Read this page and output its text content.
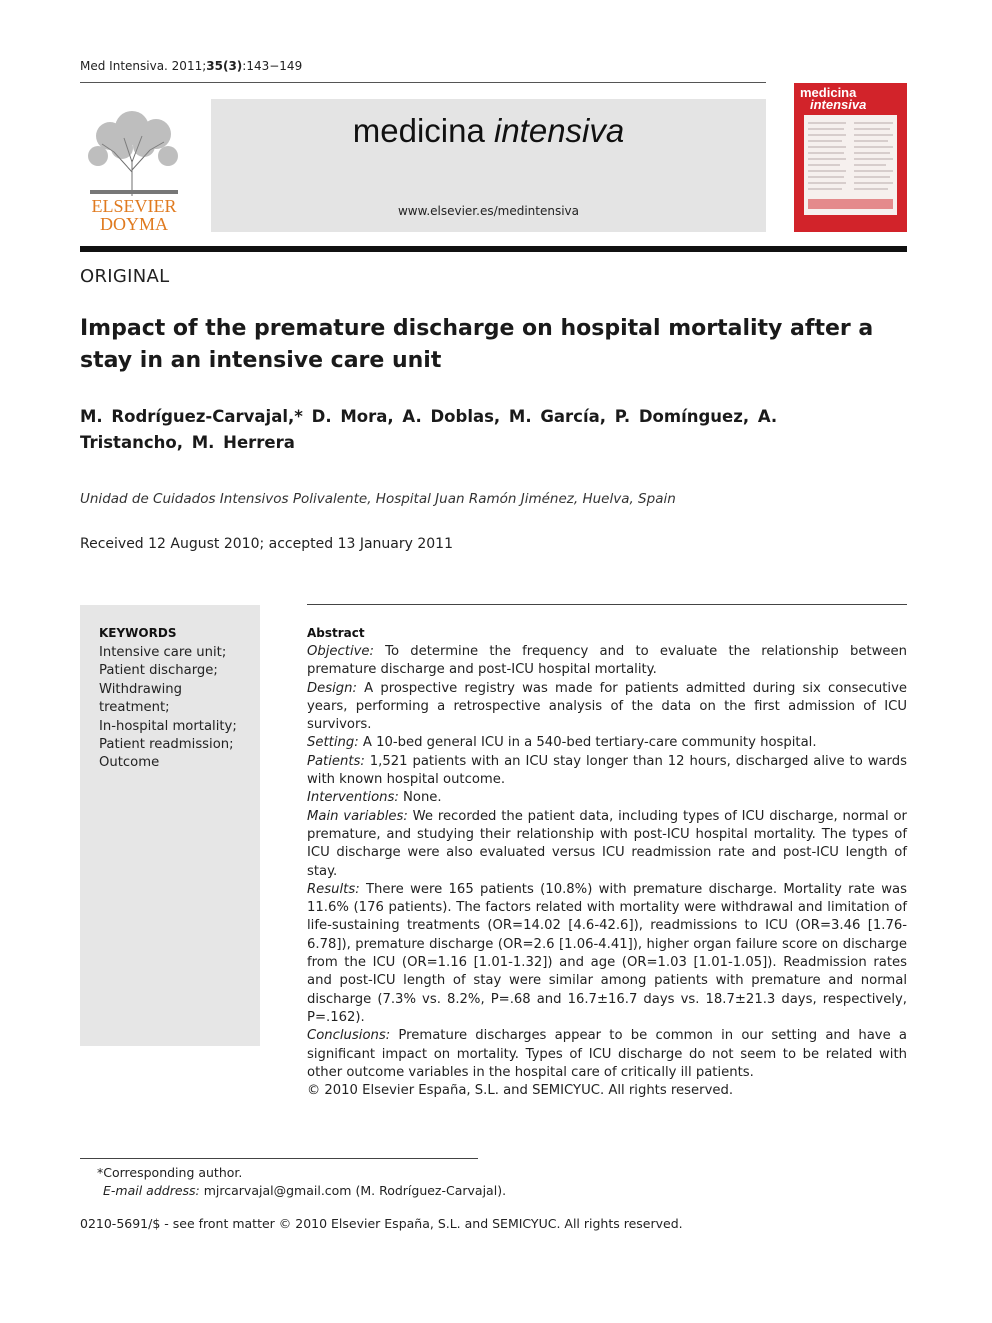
Med Intensiva. 2011;35(3):143−149
ELSEVIER
DOYMA
medicina intensiva
www.elsevier.es/medintensiva
medicina
intensiva
ORIGINAL
Impact of the premature discharge on hospital mortality after a stay in an intensive care unit
M. Rodríguez-Carvajal,* D. Mora, A. Doblas, M. García, P. Domínguez, A. Tristancho, M. Herrera
Unidad de Cuidados Intensivos Polivalente, Hospital Juan Ramón Jiménez, Huelva, Spain
Received 12 August 2010; accepted 13 January 2011
KEYWORDS
Intensive care unit;
Patient discharge;
Withdrawing
treatment;
In-hospital mortality;
Patient readmission;
Outcome
Abstract

Objective: To determine the frequency and to evaluate the relationship between premature discharge and post-ICU hospital mortality.

Design: A prospective registry was made for patients admitted during six consecutive years, performing a retrospective analysis of the data on the first admission of ICU survivors.

Setting: A 10-bed general ICU in a 540-bed tertiary-care community hospital.

Patients: 1,521 patients with an ICU stay longer than 12 hours, discharged alive to wards with known hospital outcome.

Interventions: None.

Main variables: We recorded the patient data, including types of ICU discharge, normal or premature, and studying their relationship with post-ICU hospital mortality. The types of ICU discharge were also evaluated versus ICU readmission rate and post-ICU length of stay.

Results: There were 165 patients (10.8%) with premature discharge. Mortality rate was 11.6% (176 patients). The factors related with mortality were withdrawal and limitation of life-sustaining treatments (OR=14.02 [4.6-42.6]), readmissions to ICU (OR=3.46 [1.76-6.78]), premature discharge (OR=2.6 [1.06-4.41]), higher organ failure score on discharge from the ICU (OR=1.16 [1.01-1.32]) and age (OR=1.03 [1.01-1.05]). Readmission rates and post-ICU length of stay were similar among patients with premature and normal discharge (7.3% vs. 8.2%, P=.68 and 16.7±16.7 days vs. 18.7±21.3 days, respectively, P=.162).

Conclusions: Premature discharges appear to be common in our setting and have a significant impact on mortality. Types of ICU discharge do not seem to be related with other outcome variables in the hospital care of critically ill patients.

© 2010 Elsevier España, S.L. and SEMICYUC. All rights reserved.

*Corresponding author.
E-mail address: mjrcarvajal@gmail.com (M. Rodríguez-Carvajal).
0210-5691/$ - see front matter © 2010 Elsevier España, S.L. and SEMICYUC. All rights reserved.
